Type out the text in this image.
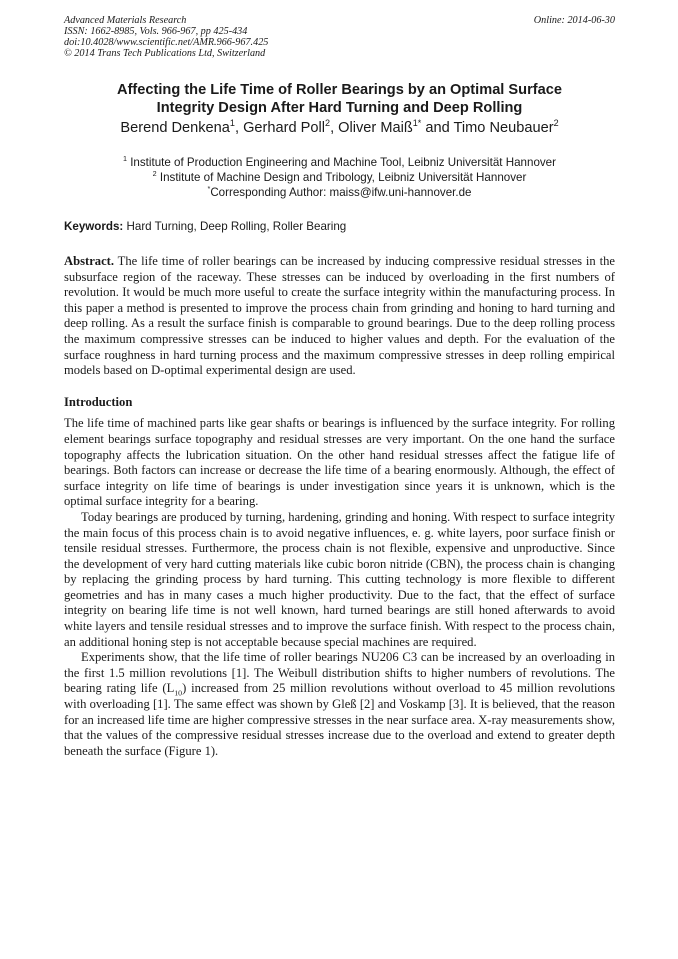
Advanced Materials Research
ISSN: 1662-8985, Vols. 966-967, pp 425-434
doi:10.4028/www.scientific.net/AMR.966-967.425
© 2014 Trans Tech Publications Ltd, Switzerland
Online: 2014-06-30
Affecting the Life Time of Roller Bearings by an Optimal Surface
Integrity Design After Hard Turning and Deep Rolling
Berend Denkena$^1$, Gerhard Poll$^2$, Oliver Maiß$^{1*}$ and Timo Neubauer$^2$
$^1$ Institute of Production Engineering and Machine Tool, Leibniz Universität Hannover
$^2$ Institute of Machine Design and Tribology, Leibniz Universität Hannover
*Corresponding Author: maiss@ifw.uni-hannover.de
Keywords: Hard Turning, Deep Rolling, Roller Bearing

Abstract. The life time of roller bearings can be increased by inducing compressive residual stresses in the subsurface region of the raceway. These stresses can be induced by overloading in the first numbers of revolution. It would be much more useful to create the surface integrity within the manufacturing process. In this paper a method is presented to improve the process chain from grinding and honing to hard turning and deep rolling. As a result the surface finish is comparable to ground bearings. Due to the deep rolling process the maximum compressive stresses can be induced to higher values and depth. For the evaluation of the surface roughness in hard turning process and the maximum compressive stresses in deep rolling empirical models based on D-optimal experimental design are used.

Introduction

The life time of machined parts like gear shafts or bearings is influenced by the surface integrity. For rolling element bearings surface topography and residual stresses are very important. On the one hand the surface topography affects the lubrication situation. On the other hand residual stresses affect the fatigue life of bearings. Both factors can increase or decrease the life time of a bearing enormously. Although, the effect of surface integrity on life time of bearings is under investigation since years it is unknown, which is the optimal surface integrity for a bearing.

Today bearings are produced by turning, hardening, grinding and honing. With respect to surface integrity the main focus of this process chain is to avoid negative influences, e. g. white layers, poor surface finish or tensile residual stresses. Furthermore, the process chain is not flexible, expensive and unproductive. Since the development of very hard cutting materials like cubic boron nitride (CBN), the process chain is changing by replacing the grinding process by hard turning. This cutting technology is more flexible to different geometries and has in many cases a much higher productivity. Due to the fact, that the effect of surface integrity on bearing life time is not well known, hard turned bearings are still honed afterwards to avoid white layers and tensile residual stresses and to improve the surface finish. With respect to the process chain, an additional honing step is not acceptable because special machines are required.

Experiments show, that the life time of roller bearings NU206 C3 can be increased by an overloading in the first 1.5 million revolutions [1]. The Weibull distribution shifts to higher numbers of revolutions. The bearing rating life $(L_{10})$ increased from 25 million revolutions without overload to 45 million revolutions with overloading [1]. The same effect was shown by Gleß [2] and Voskamp [3]. It is believed, that the reason for an increased life time are higher compressive stresses in the near surface area. X-ray measurements show, that the values of the compressive residual stresses increase due to the overload and extend to greater depth beneath the surface (Figure 1).
